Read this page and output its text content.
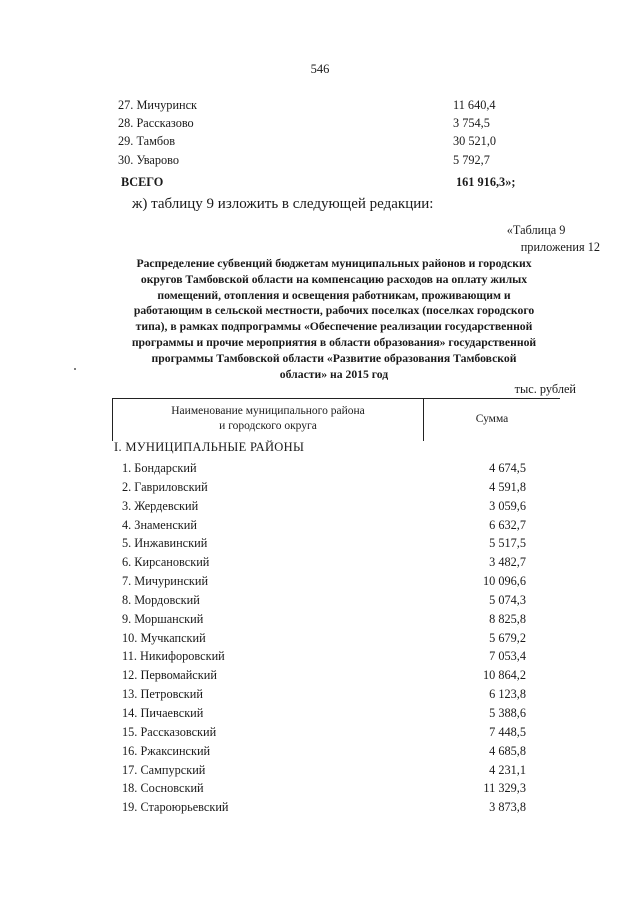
546
27. Мичуринск	11 640,4
28. Рассказово	3 754,5
29. Тамбов	30 521,0
30. Уварово	5 792,7
ВСЕГО	161 916,3»;
ж) таблицу 9 изложить в следующей редакции:
«Таблица 9
приложения 12
Распределение субвенций бюджетам муниципальных районов и городских
округов Тамбовской области на компенсацию расходов на оплату жилых
помещений, отопления и освещения работникам, проживающим и
работающим в сельской местности, рабочих поселках (поселках городского
типа), в рамках подпрограммы «Обеспечение реализации государственной
программы и прочие мероприятия в области образования» государственной
программы Тамбовской области «Развитие образования Тамбовской
области» на 2015 год
тыс. рублей
Наименование муниципального района
и городского округа
Сумма
I. МУНИЦИПАЛЬНЫЕ РАЙОНЫ
1. Бондарский	4 674,5
2. Гавриловский	4 591,8
3. Жердевский	3 059,6
4. Знаменский	6 632,7
5. Инжавинский	5 517,5
6. Кирсановский	3 482,7
7. Мичуринский	10 096,6
8. Мордовский	5 074,3
9. Моршанский	8 825,8
10. Мучкапский	5 679,2
11. Никифоровский	7 053,4
12. Первомайский	10 864,2
13. Петровский	6 123,8
14. Пичаевский	5 388,6
15. Рассказовский	7 448,5
16. Ржаксинский	4 685,8
17. Сампурский	4 231,1
18. Сосновский	11 329,3
19. Староюрьевский	3 873,8
